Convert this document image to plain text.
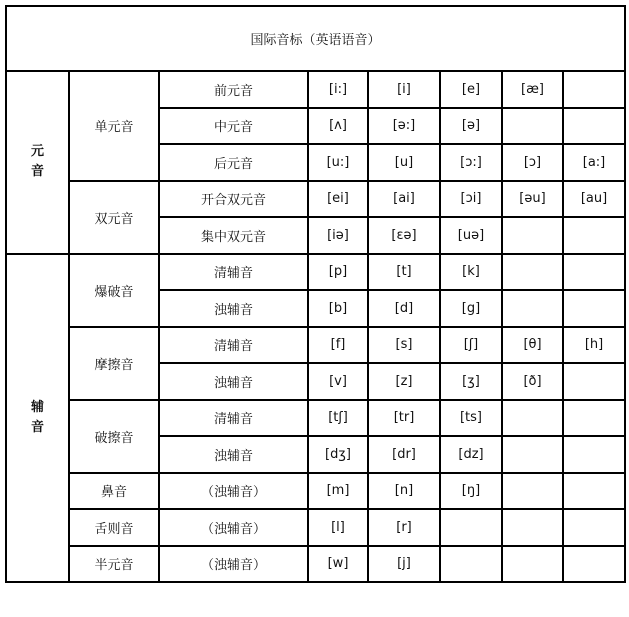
国际音标（英语语音）							
元
音	单元音	前元音	[i:]	[i]	[e]	[æ]	
		中元音	[ʌ]	[ə:]	[ə]		
		后元音	[u:]	[u]	[ɔ:]	[ɔ]	[a:]
	双元音	开合双元音	[ei]	[ai]	[ɔi]	[əu]	[au]
		集中双元音	[iə]	[ɛə]	[uə]		
辅
音	爆破音	清辅音	[p]	[t]	[k]		
		浊辅音	[b]	[d]	[g]		
	摩擦音	清辅音	[f]	[s]	[ʃ]	[θ]	[h]
		浊辅音	[v]	[z]	[ʒ]	[ð]	
	破擦音	清辅音	[tʃ]	[tr]	[ts]		
		浊辅音	[dʒ]	[dr]	[dz]		
	鼻音	（浊辅音）	[m]	[n]	[ŋ]		
	舌则音	（浊辅音）	[l]	[r]			
	半元音	（浊辅音）	[w]	[j]			
